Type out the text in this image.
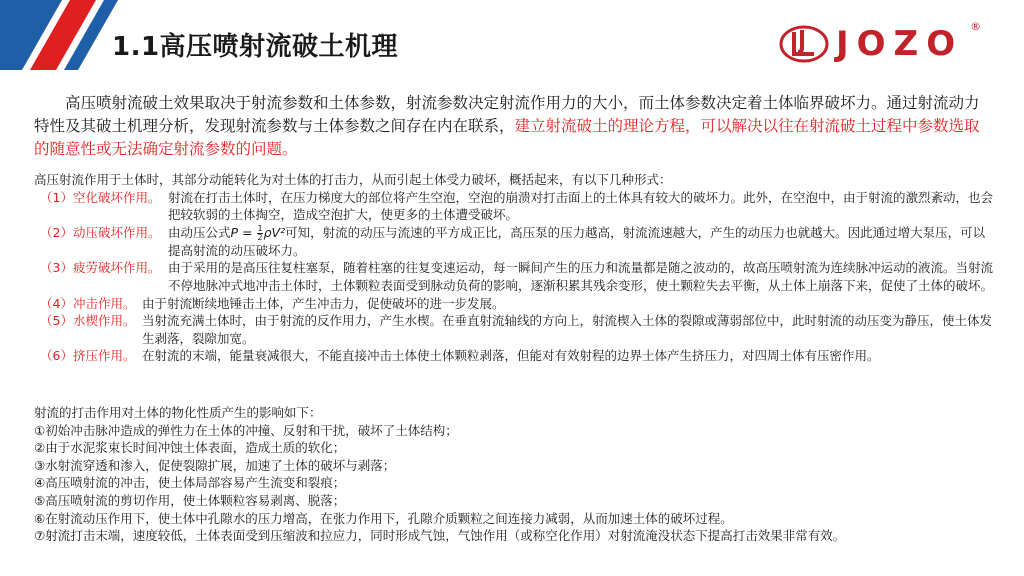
1.1高压喷射流破土机理	JOZO ®

高压喷射流破土效果取决于射流参数和土体参数，射流参数决定射流作用力的大小，而土体参数决定着土体临界破坏力。通过射流动力特性及其破土机理分析，发现射流参数与土体参数之间存在内在联系，建立射流破土的理论方程，可以解决以往在射流破土过程中参数选取的随意性或无法确定射流参数的问题。

高压射流作用于土体时，其部分动能转化为对土体的打击力，从而引起土体受力破坏，概括起来，有以下几种形式：

（1）空化破坏作用。 射流在打击土体时，在压力梯度大的部位将产生空泡，空泡的崩溃对打击面上的土体具有较大的破坏力。此外，在空泡中，由于射流的激烈紊动，也会把较软弱的土体掏空，造成空泡扩大，使更多的土体遭受破坏。
（2）动压破坏作用。 由动压公式$P = \frac{1}{2} \rho V^2$可知，射流的动压与流速的平方成正比，高压泵的压力越高，射流流速越大，产生的动压力也就越大。因此通过增大泵压，可以提高射流的动压破坏力。
（3）疲劳破坏作用。 由于采用的是高压往复柱塞泵，随着柱塞的往复变速运动，每一瞬间产生的压力和流量都是随之波动的，故高压喷射流为连续脉冲运动的液流。当射流不停地脉冲式地冲击土体时，土体颗粒表面受到脉动负荷的影响，逐渐积累其残余变形，使土颗粒失去平衡，从土体上崩落下来，促使了土体的破坏。
（4）冲击作用。 由于射流断续地锤击土体，产生冲击力，促使破坏的进一步发展。
（5）水楔作用。 当射流充满土体时，由于射流的反作用力，产生水楔。在垂直射流轴线的方向上，射流楔入土体的裂隙或薄弱部位中，此时射流的动压变为静压，使土体发生剥落，裂隙加宽。
（6）挤压作用。 在射流的末端，能量衰减很大，不能直接冲击土体使土体颗粒剥落，但能对有效射程的边界土体产生挤压力，对四周土体有压密作用。

射流的打击作用对土体的物化性质产生的影响如下：

①初始冲击脉冲造成的弹性力在土体的冲撞、反射和干扰，破坏了土体结构；

②由于水泥浆束长时间冲蚀土体表面，造成土质的软化；

③水射流穿透和渗入，促使裂隙扩展，加速了土体的破坏与剥落；

④高压喷射流的冲击，使土体局部容易产生流变和裂痕；

⑤高压喷射流的剪切作用，使土体颗粒容易剥离、脱落；

⑥在射流动压作用下，使土体中孔隙水的压力增高，在张力作用下，孔隙介质颗粒之间连接力减弱，从而加速土体的破坏过程。

⑦射流打击末端，速度较低，土体表面受到压缩波和拉应力，同时形成气蚀，气蚀作用（或称空化作用）对射流淹没状态下提高打击效果非常有效。
